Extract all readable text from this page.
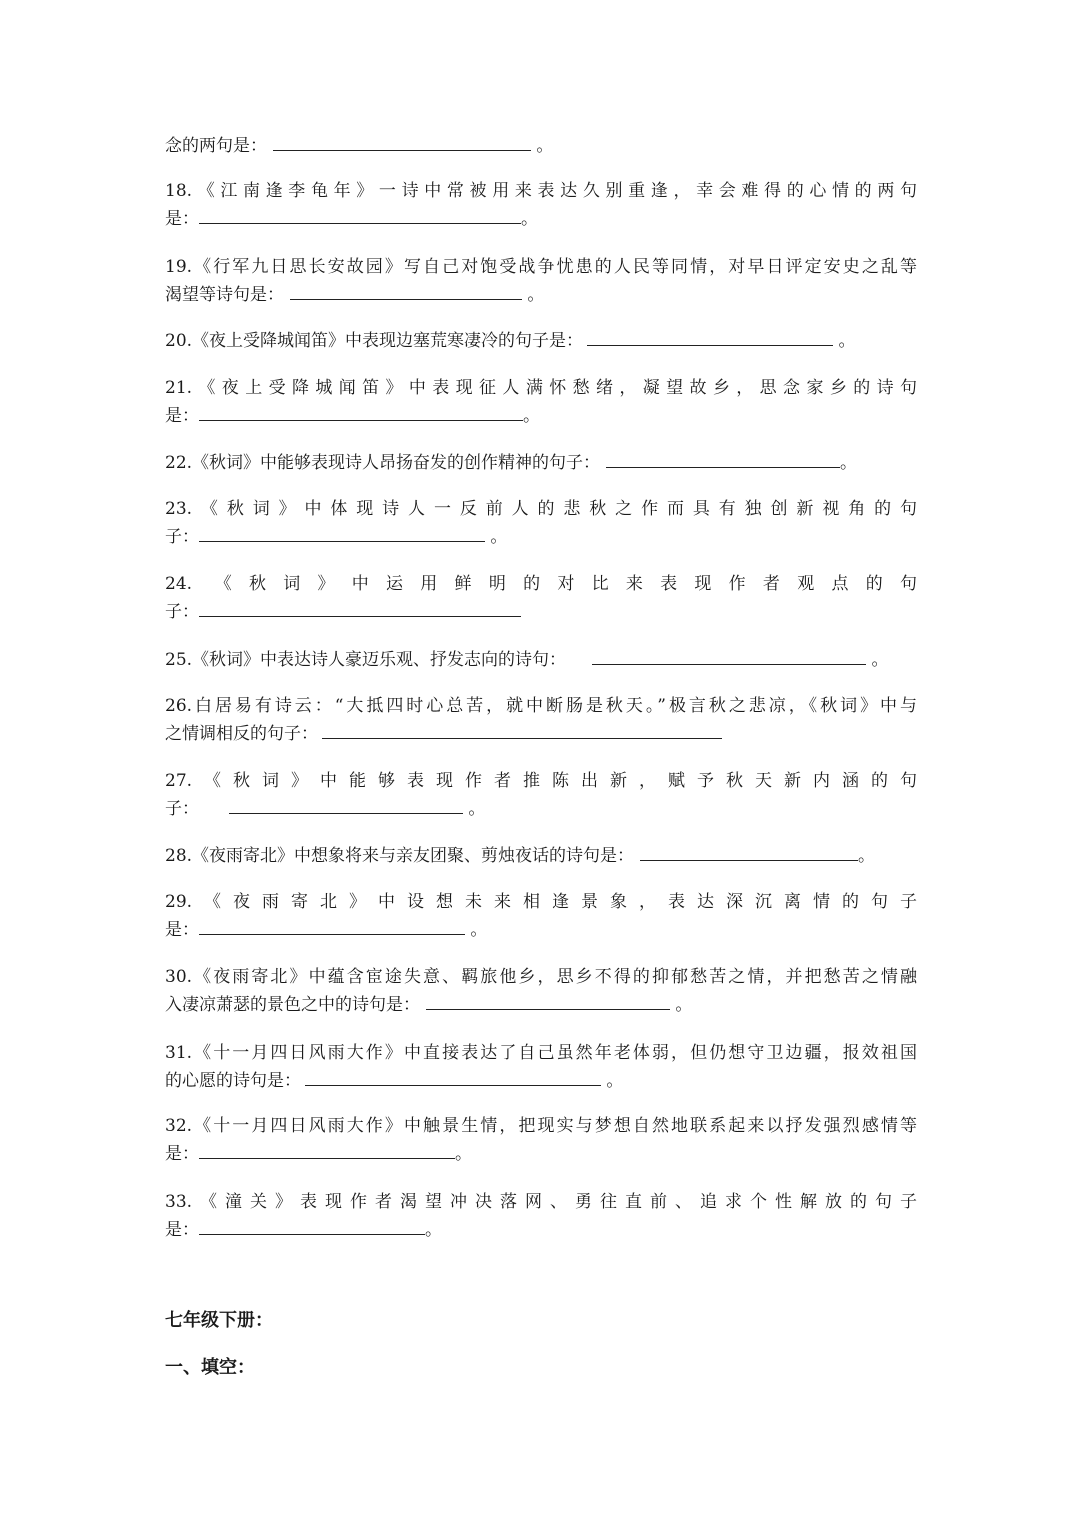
念的两句是：	。

18.《江南逢李龟年》一诗中常被用来表达久别重逢，幸会难得的心情的两句

是：	。

19.《行军九日思长安故园》写自己对饱受战争忧患的人民等同情，对早日评定安史之乱等

渴望等诗句是：	。

20.《夜上受降城闻笛》中表现边塞荒寒凄冷的句子是：	。

21.《夜上受降城闻笛》中表现征人满怀愁绪，凝望故乡，思念家乡的诗句

是：	。

22.《秋词》中能够表现诗人昂扬奋发的创作精神的句子：	。

23.《秋词》中体现诗人一反前人的悲秋之作而具有独创新视角的句

子：	。

24. 《秋词》中运用鲜明的对比来表现作者观点的句

子：

25.《秋词》中表达诗人豪迈乐观、抒发志向的诗句：	。

26.白居易有诗云：“大抵四时心总苦，就中断肠是秋天。”极言秋之悲凉，《秋词》中与

之情调相反的句子：

27.《秋词》中能够表现作者推陈出新，赋予秋天新内涵的句

子：	。

28.《夜雨寄北》中想象将来与亲友团聚、剪烛夜话的诗句是：	。

29.《夜雨寄北》中设想未来相逢景象，表达深沉离情的句子

是：	。

30.《夜雨寄北》中蕴含宦途失意、羁旅他乡，思乡不得的抑郁愁苦之情，并把愁苦之情融

入凄凉萧瑟的景色之中的诗句是：	。

31.《十一月四日风雨大作》中直接表达了自己虽然年老体弱，但仍想守卫边疆，报效祖国

的心愿的诗句是：	。

32.《十一月四日风雨大作》中触景生情，把现实与梦想自然地联系起来以抒发强烈感情等

是：	。

33.《潼关》表现作者渴望冲决落网、勇往直前、追求个性解放的句子

是：	。

七年级下册：
一、填空：
